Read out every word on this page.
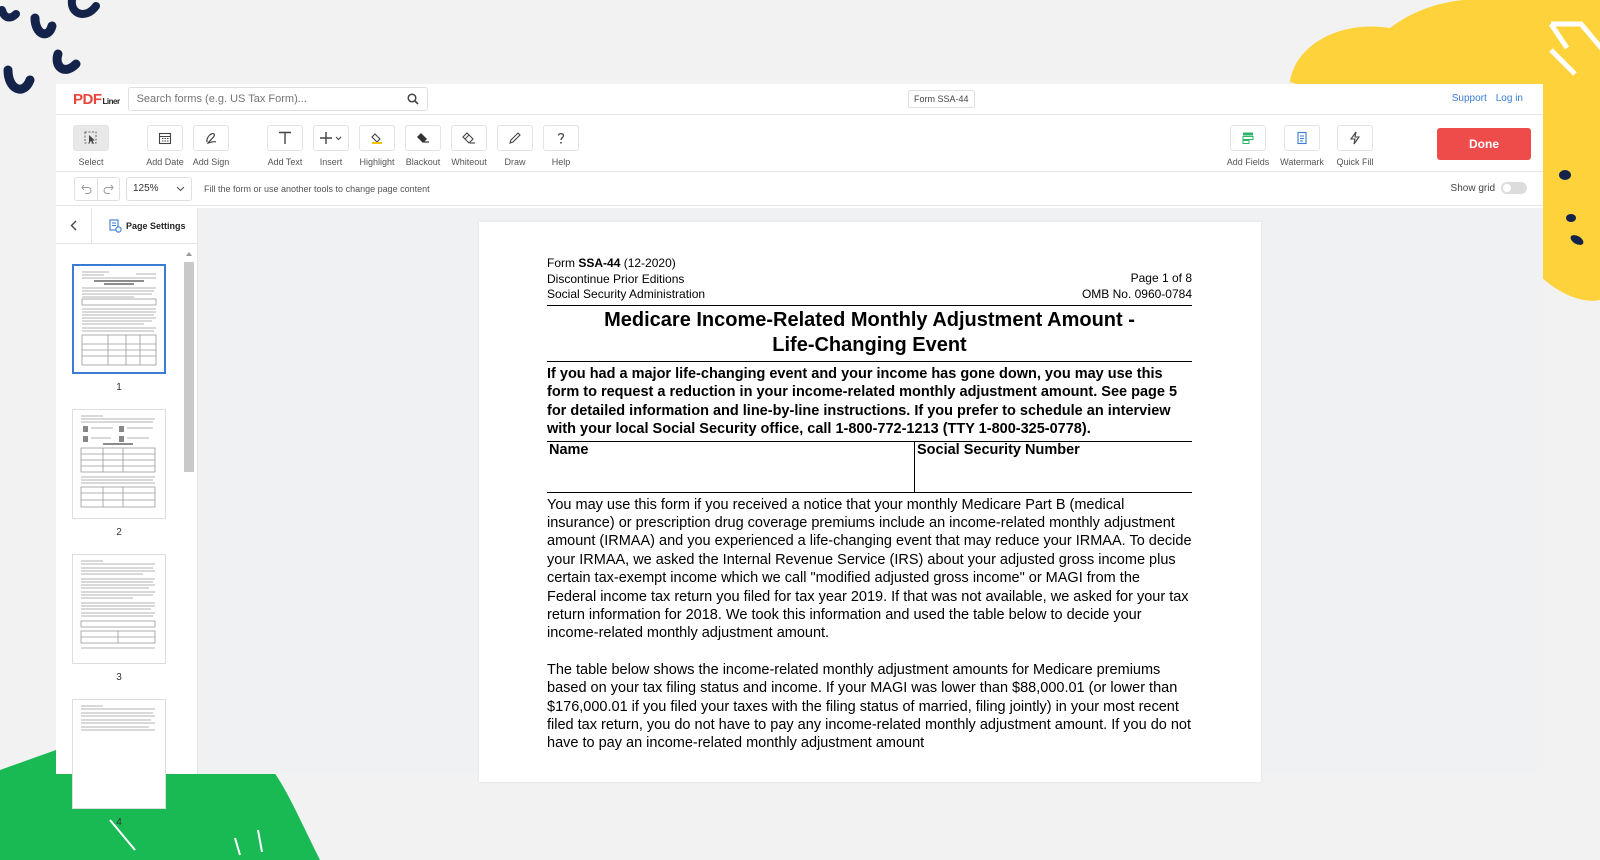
PDF Liner
Search forms (e.g. US Tax Form)...	Form SSA-44	Support Log in
Select	Add Date Add Sign	Add Text Insert Highlight Blackout Whiteout Draw	Help	Add Fields Watermark Quick Fill
Done
125%	Fill the form or use another tools to change page content	Show grid
Page Settings
1
2
3
4
Form SSA-44 (12-2020)
Discontinue Prior Editions
Social Security Administration
Page 1 of 8
OMB No. 0960-0784
Medicare Income-Related Monthly Adjustment Amount -
Life-Changing Event
If you had a major life-changing event and your income has gone down, you may use this form to request a reduction in your income-related monthly adjustment amount. See page 5 for detailed information and line-by-line instructions. If you prefer to schedule an interview with your local Social Security office, call 1-800-772-1213 (TTY 1-800-325-0778).
Name	Social Security Number

You may use this form if you received a notice that your monthly Medicare Part B (medical insurance) or prescription drug coverage premiums include an income-related monthly adjustment amount (IRMAA) and you experienced a life-changing event that may reduce your IRMAA. To decide your IRMAA, we asked the Internal Revenue Service (IRS) about your adjusted gross income plus certain tax-exempt income which we call "modified adjusted gross income" or MAGI from the Federal income tax return you filed for tax year 2019. If that was not available, we asked for your tax return information for 2018. We took this information and used the table below to decide your income-related monthly adjustment amount.

The table below shows the income-related monthly adjustment amounts for Medicare premiums based on your tax filing status and income. If your MAGI was lower than $88,000.01 (or lower than $176,000.01 if you filed your taxes with the filing status of married, filing jointly) in your most recent filed tax return, you do not have to pay any income-related monthly adjustment amount. If you do not have to pay an income-related monthly adjustment amount
